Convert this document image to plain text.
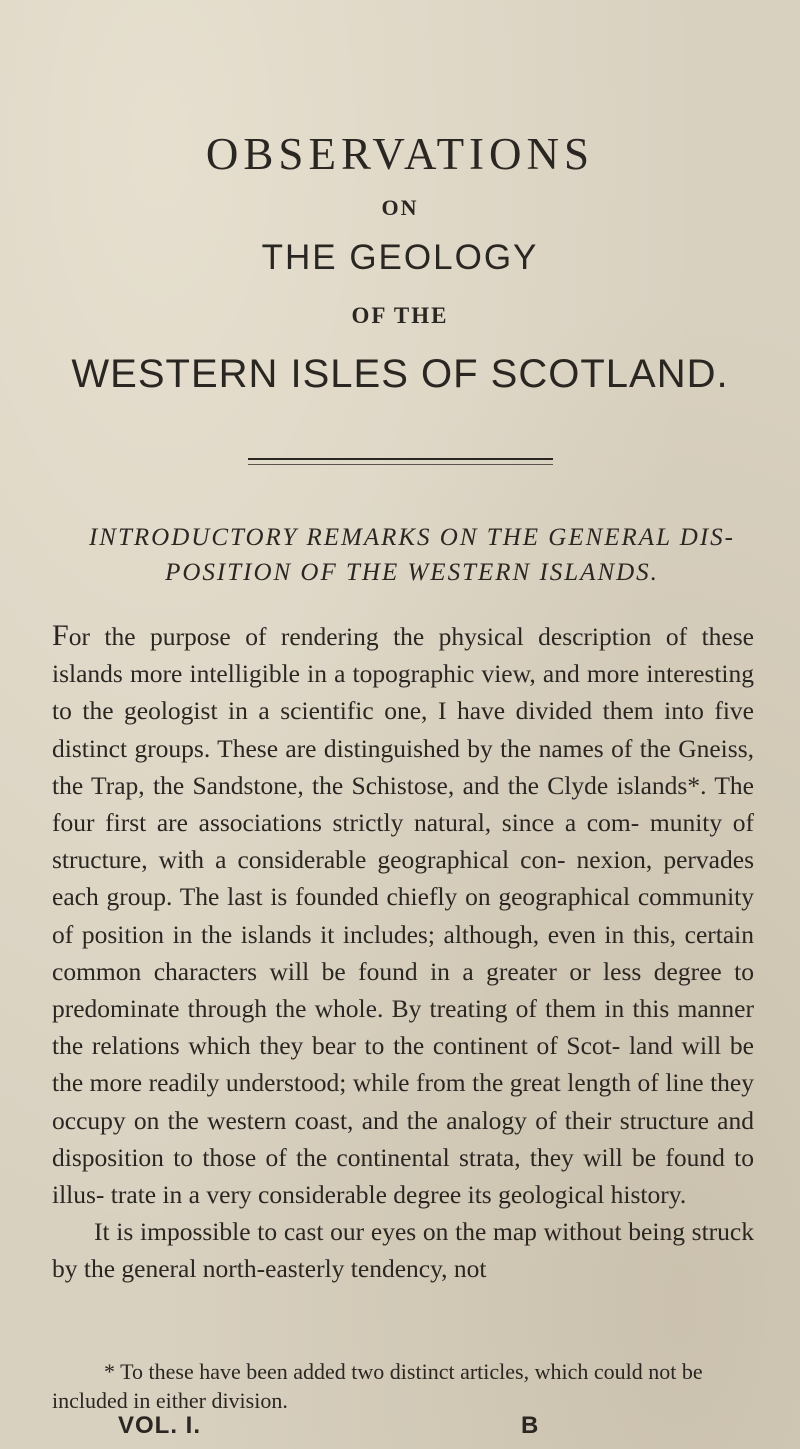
OBSERVATIONS
ON
THE GEOLOGY
OF THE
WESTERN ISLES OF SCOTLAND.
INTRODUCTORY REMARKS ON THE GENERAL DIS- POSITION OF THE WESTERN ISLANDS.

For the purpose of rendering the physical description of these islands more intelligible in a topographic view, and more interesting to the geologist in a scientific one, I have divided them into five distinct groups. These are distinguished by the names of the Gneiss, the Trap, the Sandstone, the Schistose, and the Clyde islands*. The four first are associations strictly natural, since a com- munity of structure, with a considerable geographical con- nexion, pervades each group. The last is founded chiefly on geographical community of position in the islands it includes; although, even in this, certain common characters will be found in a greater or less degree to predominate through the whole. By treating of them in this manner the relations which they bear to the continent of Scot- land will be the more readily understood; while from the great length of line they occupy on the western coast, and the analogy of their structure and disposition to those of the continental strata, they will be found to illus- trate in a very considerable degree its geological history.

It is impossible to cast our eyes on the map without being struck by the general north-easterly tendency, not

* To these have been added two distinct articles, which could not be included in either division.
VOL. I.	B
